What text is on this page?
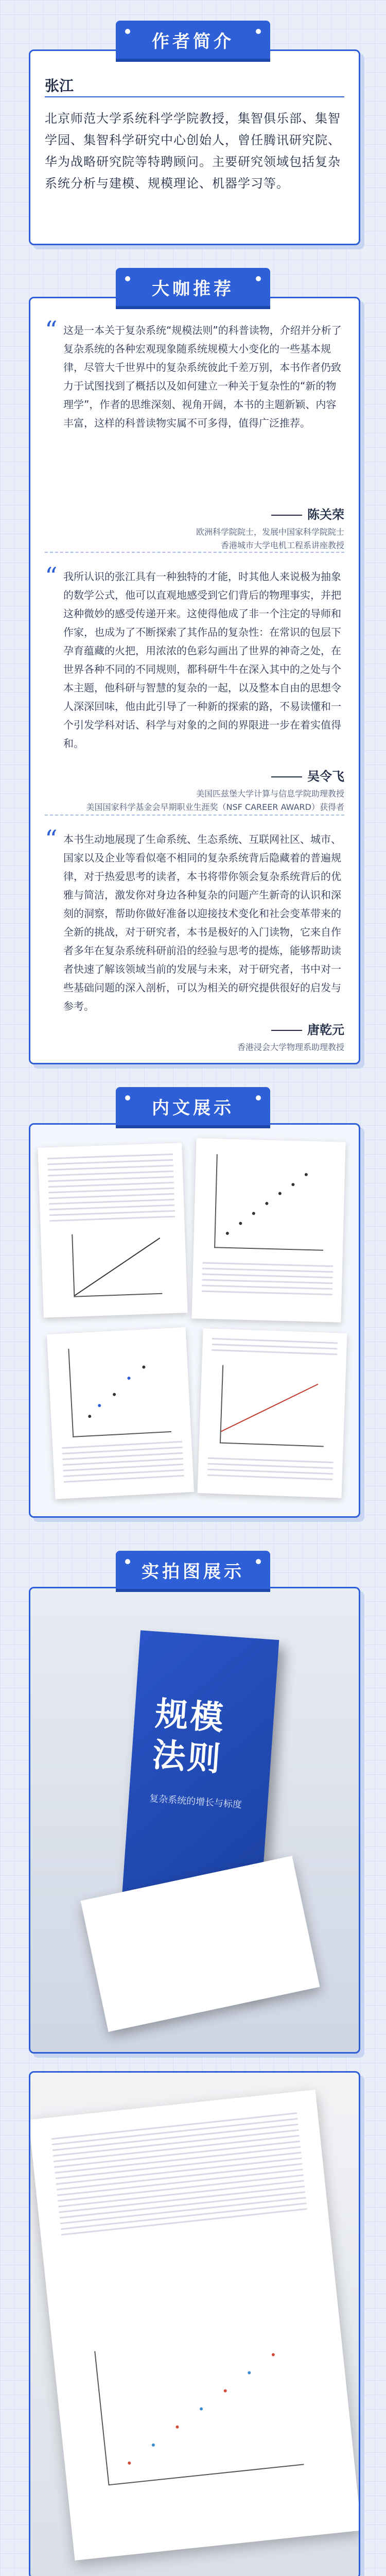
张江
北京师范大学系统科学学院教授，集智俱乐部、集智学园、集智科学研究中心创始人，曾任腾讯研究院、华为战略研究院等特聘顾问。主要研究领域包括复杂系统分析与建模、规模理论、机器学习等。
作者简介
“ 这是一本关于复杂系统“规模法则”的科普读物，介绍并分析了复杂系统的各种宏观现象随系统规模大小变化的一些基本规律，尽管大千世界中的复杂系统彼此千差万别，本书作者仍致力于试图找到了概括以及如何建立一种关于复杂性的“新的物理学”，作者的思维深刻、视角开阔，本书的主题新颖、内容丰富，这样的科普读物实属不可多得，值得广泛推荐。
陈关荣
欧洲科学院院士，发展中国家科学院院士
香港城市大学电机工程系讲座教授
“ 我所认识的张江具有一种独特的才能，时其他人来说极为抽象的数学公式，他可以直观地感受到它们背后的物理事实，并把这种微妙的感受传递开来。这使得他成了非一个注定的导师和作家，也成为了不断探索了其作品的复杂性：在常识的包层下孕育蕴藏的火把，用浓浓的色彩勾画出了世界的神奇之处，在世界各种不同的不同规则，都科研牛牛在深入其中的之处与个本主题，他科研与智慧的复杂的一起，以及整本自由的思想令人深深回味，他由此引导了一种新的探索的路，不易读懂和一个引发学科对话、科学与对象的之间的界限进一步在着实值得和。
吴令飞
美国匹兹堡大学计算与信息学院助理教授
美国国家科学基金会早期职业生涯奖（NSF CAREER AWARD）获得者
“ 本书生动地展现了生命系统、生态系统、互联网社区、城市、国家以及企业等看似毫不相同的复杂系统背后隐藏着的普遍规律，对于热爱思考的读者，本书将带你领会复杂系统背后的优雅与简洁，激发你对身边各种复杂的问题产生新奇的认识和深刻的洞察，帮助你做好准备以迎接技术变化和社会变革带来的全新的挑战，对于研究者，本书是极好的入门读物，它来自作者多年在复杂系统科研前沿的经验与思考的提炼，能够帮助读者快速了解该领域当前的发展与未来，对于研究者，书中对一些基础问题的深入剖析，可以为相关的研究提供很好的启发与参考。
唐乾元
香港浸会大学物理系助理教授
大咖推荐
内文展示
规模法则
复杂系统的增长与标度
实拍图展示
